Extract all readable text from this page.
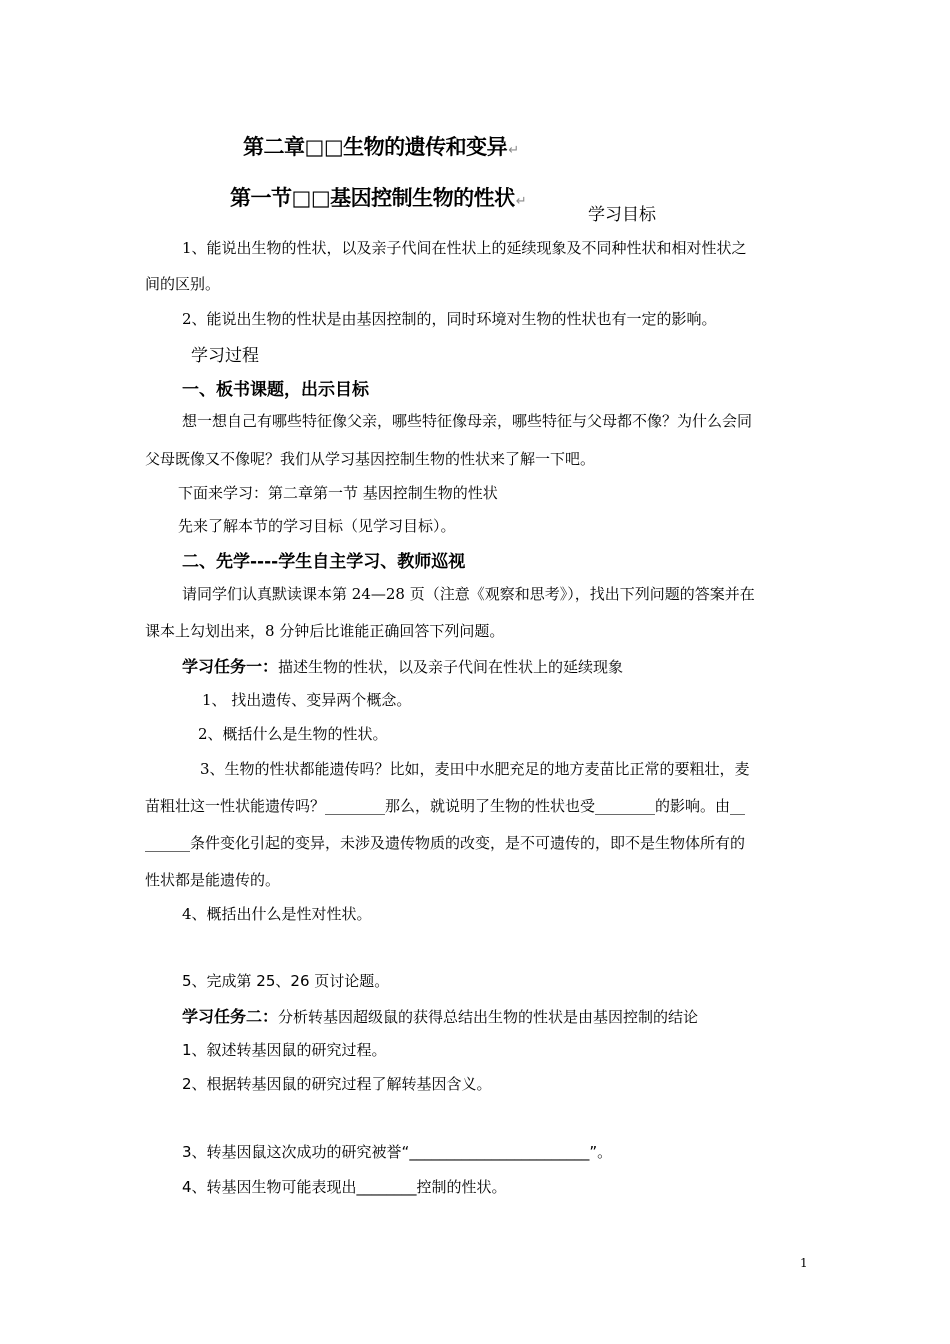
第二章□□生物的遗传和变异↵
第一节□□基因控制生物的性状↵
学习目标
1、能说出生物的性状，以及亲子代间在性状上的延续现象及不同种性状和相对性状之
间的区别。
2、能说出生物的性状是由基因控制的，同时环境对生物的性状也有一定的影响。
学习过程
一、板书课题，出示目标
想一想自己有哪些特征像父亲，哪些特征像母亲，哪些特征与父母都不像？为什么会同
父母既像又不像呢？我们从学习基因控制生物的性状来了解一下吧。
下面来学习：第二章第一节 基因控制生物的性状
先来了解本节的学习目标（见学习目标）。
二、先学----学生自主学习、教师巡视
请同学们认真默读课本第 24—28 页（注意《观察和思考》），找出下列问题的答案并在
课本上勾划出来，8 分钟后比谁能正确回答下列问题。
学习任务一：描述生物的性状，以及亲子代间在性状上的延续现象
1、 找出遗传、变异两个概念。
2、概括什么是生物的性状。
3、生物的性状都能遗传吗？比如，麦田中水肥充足的地方麦苗比正常的要粗壮，麦
苗粗壮这一性状能遗传吗？________那么，就说明了生物的性状也受________的影响。由__
______条件变化引起的变异，未涉及遗传物质的改变，是不可遗传的，即不是生物体所有的
性状都是能遗传的。
4、概括出什么是性对性状。
5、完成第 25、26 页讨论题。
学习任务二：分析转基因超级鼠的获得总结出生物的性状是由基因控制的结论
1、叙述转基因鼠的研究过程。
2、根据转基因鼠的研究过程了解转基因含义。
3、转基因鼠这次成功的研究被誉“________________________”。
4、转基因生物可能表现出________控制的性状。
1
